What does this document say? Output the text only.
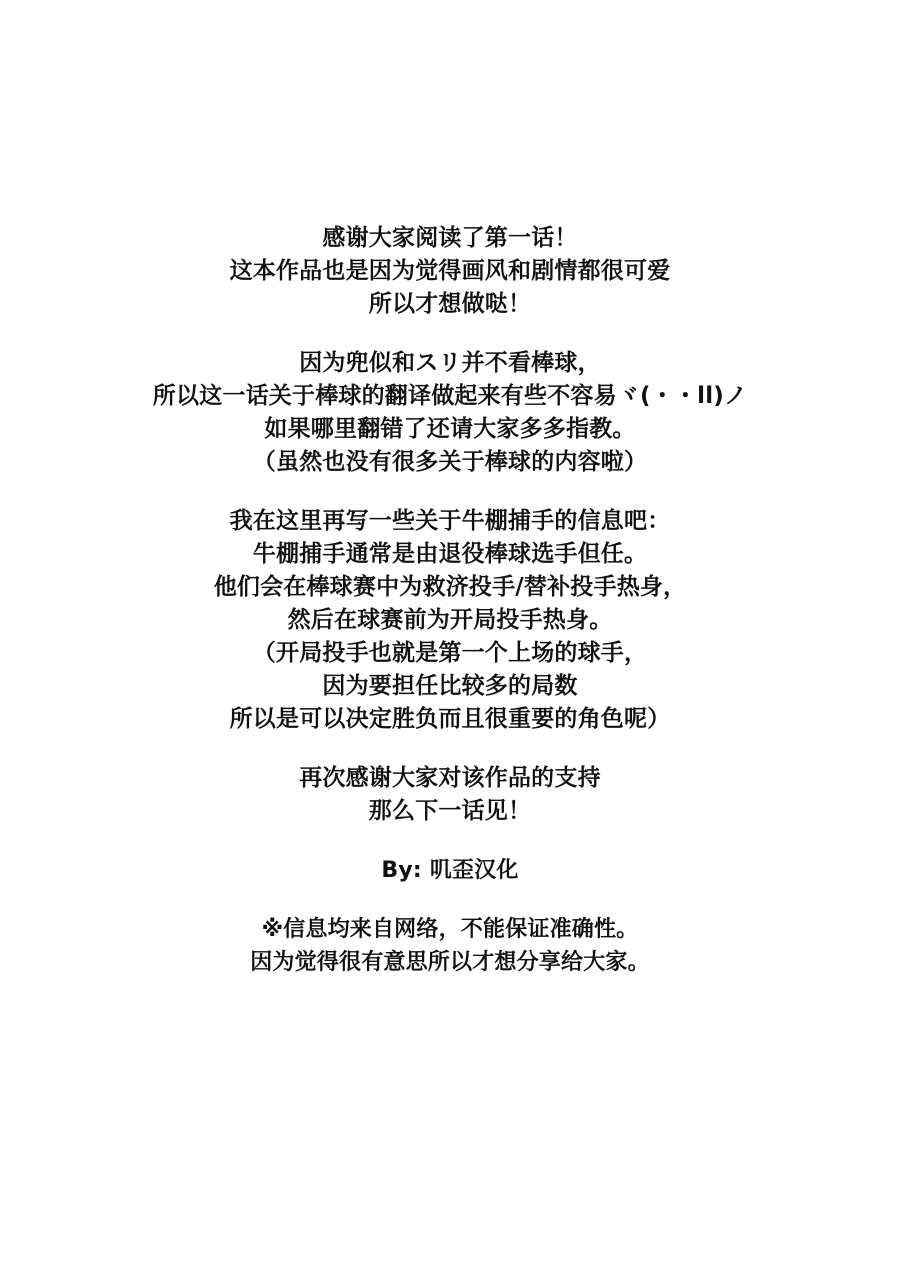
感谢大家阅读了第一话！
这本作品也是因为觉得画风和剧情都很可爱
所以才想做哒！
因为兜似和スリ并不看棒球，
所以这一话关于棒球的翻译做起来有些不容易ヾ(・・ll)ノ
如果哪里翻错了还请大家多多指教。
（虽然也没有很多关于棒球的内容啦）
我在这里再写一些关于牛棚捕手的信息吧：
牛棚捕手通常是由退役棒球选手但任。
他们会在棒球赛中为救济投手/替补投手热身，
然后在球赛前为开局投手热身。
（开局投手也就是第一个上场的球手，
因为要担任比较多的局数
所以是可以决定胜负而且很重要的角色呢）
再次感谢大家对该作品的支持
那么下一话见！
By: 叽歪汉化
※信息均来自网络，不能保证准确性。
因为觉得很有意思所以才想分享给大家。
